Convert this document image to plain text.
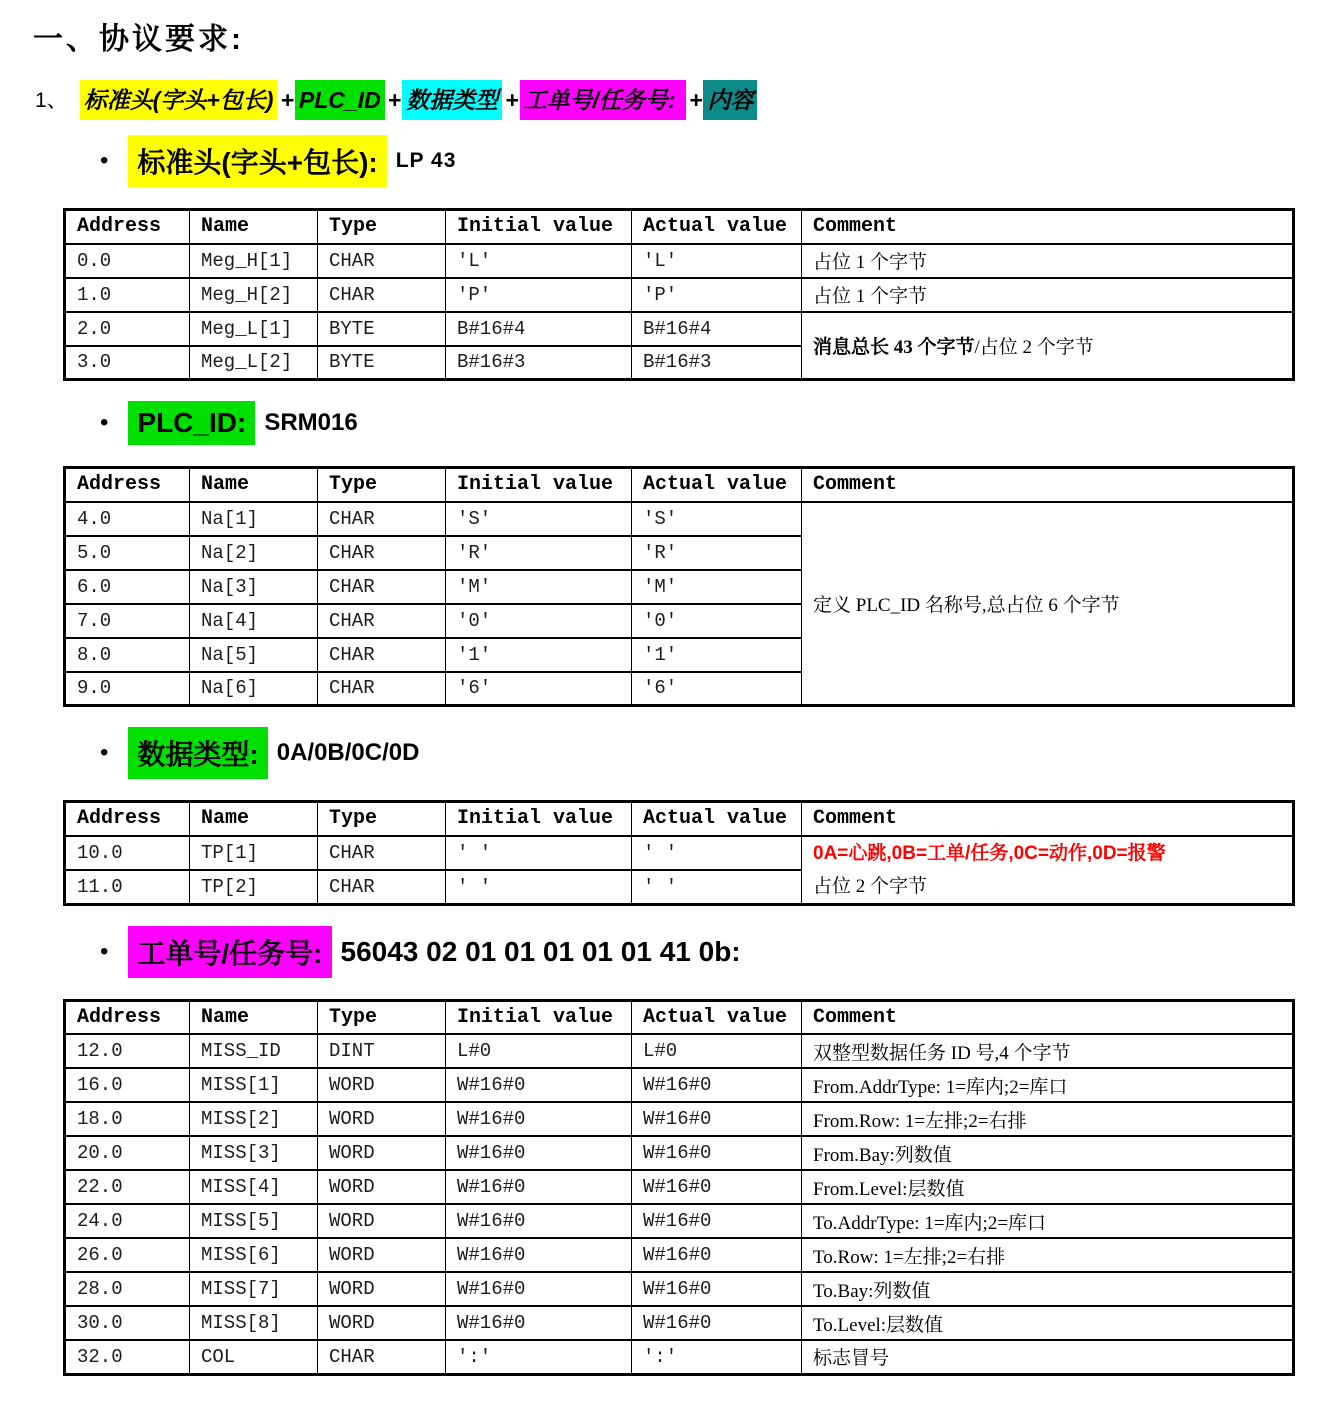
一、协议要求:
1、 标准头(字头+包长) + PLC_ID + 数据类型 + 工单号/任务号: + 内容
•	标准头(字头+包长): LP 43
Address	Name	Type	Initial value	Actual value	Comment
0.0	Meg_H[1]	CHAR	'L'	'L'	占位 1 个字节
1.0	Meg_H[2]	CHAR	'P'	'P'	占位 1 个字节
2.0	Meg_L[1]	BYTE	B#16#4	B#16#4	消息总长 43 个字节/占位 2 个字节
3.0	Meg_L[2]	BYTE	B#16#3	B#16#3	
•	PLC_ID: SRM016
Address	Name	Type	Initial value	Actual value	Comment
4.0	Na[1]	CHAR	'S'	'S'	定义 PLC_ID 名称号,总占位 6 个字节
5.0	Na[2]	CHAR	'R'	'R'	
6.0	Na[3]	CHAR	'M'	'M'	
7.0	Na[4]	CHAR	'0'	'0'	
8.0	Na[5]	CHAR	'1'	'1'	
9.0	Na[6]	CHAR	'6'	'6'	
•	数据类型: 0A/0B/0C/0D
Address	Name	Type	Initial value	Actual value	Comment
10.0	TP[1]	CHAR	' '	' '	0A=心跳,0B=工单/任务,0C=动作,0D=报警
占位 2 个字节

11.0	TP[2]	CHAR	' '	' '	
•	工单号/任务号: 56043 02 01 01 01 01 01 41 0b:
Address	Name	Type	Initial value	Actual value	Comment
12.0	MISS_ID	DINT	L#0	L#0	双整型数据任务 ID 号,4 个字节
16.0	MISS[1]	WORD	W#16#0	W#16#0	From.AddrType: 1=库内;2=库口
18.0	MISS[2]	WORD	W#16#0	W#16#0	From.Row: 1=左排;2=右排
20.0	MISS[3]	WORD	W#16#0	W#16#0	From.Bay:列数值
22.0	MISS[4]	WORD	W#16#0	W#16#0	From.Level:层数值
24.0	MISS[5]	WORD	W#16#0	W#16#0	To.AddrType: 1=库内;2=库口
26.0	MISS[6]	WORD	W#16#0	W#16#0	To.Row: 1=左排;2=右排
28.0	MISS[7]	WORD	W#16#0	W#16#0	To.Bay:列数值
30.0	MISS[8]	WORD	W#16#0	W#16#0	To.Level:层数值
32.0	COL	CHAR	':'	':'	标志冒号
